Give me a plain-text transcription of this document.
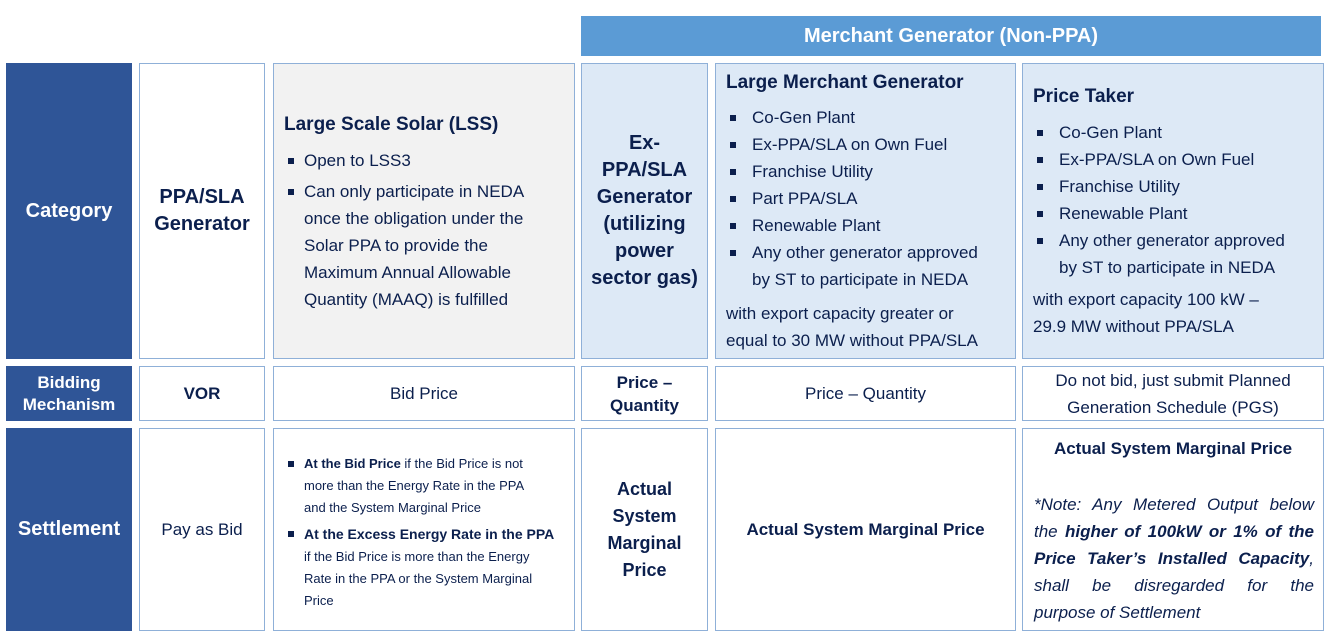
Merchant Generator (Non-PPA)
Category
Bidding
Mechanism
Settlement
PPA/SLA
Generator
Large Scale Solar (LSS)
Open to LSS3
Can only participate in NEDA
once the obligation under the
Solar PPA to provide the
Maximum Annual Allowable
Quantity (MAAQ) is fulfilled
Ex-
PPA/SLA
Generator
(utilizing
power
sector gas)
Large Merchant Generator
Co-Gen Plant
Ex-PPA/SLA on Own Fuel
Franchise Utility
Part PPA/SLA
Renewable Plant
Any other generator approved
by ST to participate in NEDA
with export capacity greater or
equal to 30 MW without PPA/SLA
Price Taker
Co-Gen Plant
Ex-PPA/SLA on Own Fuel
Franchise Utility
Renewable Plant
Any other generator approved
by ST to participate in NEDA
with export capacity 100 kW –
29.9 MW without PPA/SLA
VOR	Bid Price
Price –
Quantity
Price – Quantity
Do not bid, just submit Planned
Generation Schedule (PGS)
Pay as Bid
At the Bid Price if the Bid Price is not
more than the Energy Rate in the PPA
and the System Marginal Price
At the Excess Energy Rate in the PPA
if the Bid Price is more than the Energy
Rate in the PPA or the System Marginal
Price
Actual
System
Marginal
Price
Actual System Marginal Price
Actual System Marginal Price
*Note: Any Metered Output below
the higher of 100kW or 1% of the
Price Taker’s Installed Capacity,
shall be disregarded for the
purpose of Settlement
